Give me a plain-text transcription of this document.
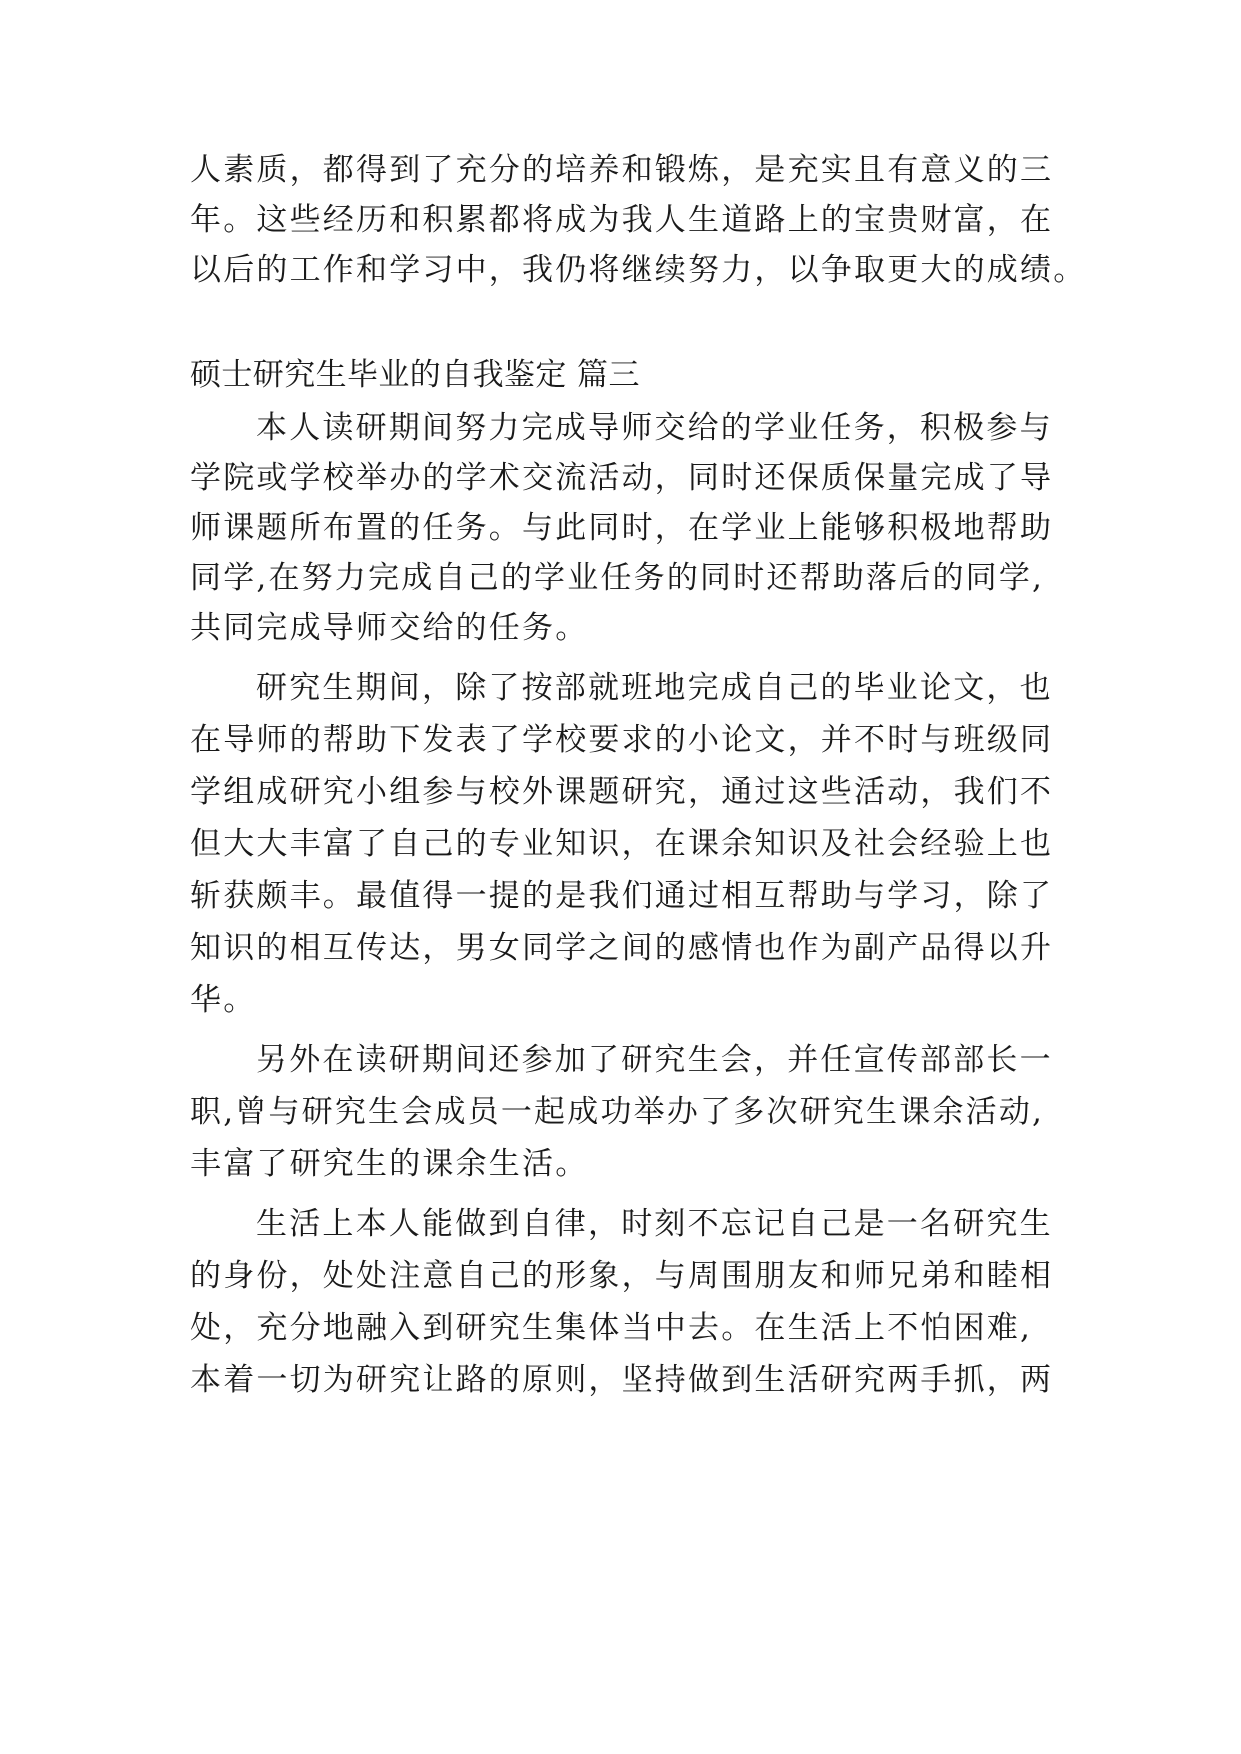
人素质，都得到了充分的培养和锻炼，是充实且有意义的三
年。这些经历和积累都将成为我人生道路上的宝贵财富，在
以后的工作和学习中，我仍将继续努力，以争取更大的成绩。
硕士研究生毕业的自我鉴定 篇三
本人读研期间努力完成导师交给的学业任务，积极参与
学院或学校举办的学术交流活动，同时还保质保量完成了导
师课题所布置的任务。与此同时，在学业上能够积极地帮助
同学,在努力完成自己的学业任务的同时还帮助落后的同学,
共同完成导师交给的任务。
研究生期间，除了按部就班地完成自己的毕业论文，也
在导师的帮助下发表了学校要求的小论文，并不时与班级同
学组成研究小组参与校外课题研究，通过这些活动，我们不
但大大丰富了自己的专业知识，在课余知识及社会经验上也
斩获颇丰。最值得一提的是我们通过相互帮助与学习，除了
知识的相互传达，男女同学之间的感情也作为副产品得以升
华。
另外在读研期间还参加了研究生会，并任宣传部部长一
职,曾与研究生会成员一起成功举办了多次研究生课余活动,
丰富了研究生的课余生活。
生活上本人能做到自律，时刻不忘记自己是一名研究生
的身份，处处注意自己的形象，与周围朋友和师兄弟和睦相
处，充分地融入到研究生集体当中去。在生活上不怕困难,
本着一切为研究让路的原则，坚持做到生活研究两手抓，两
